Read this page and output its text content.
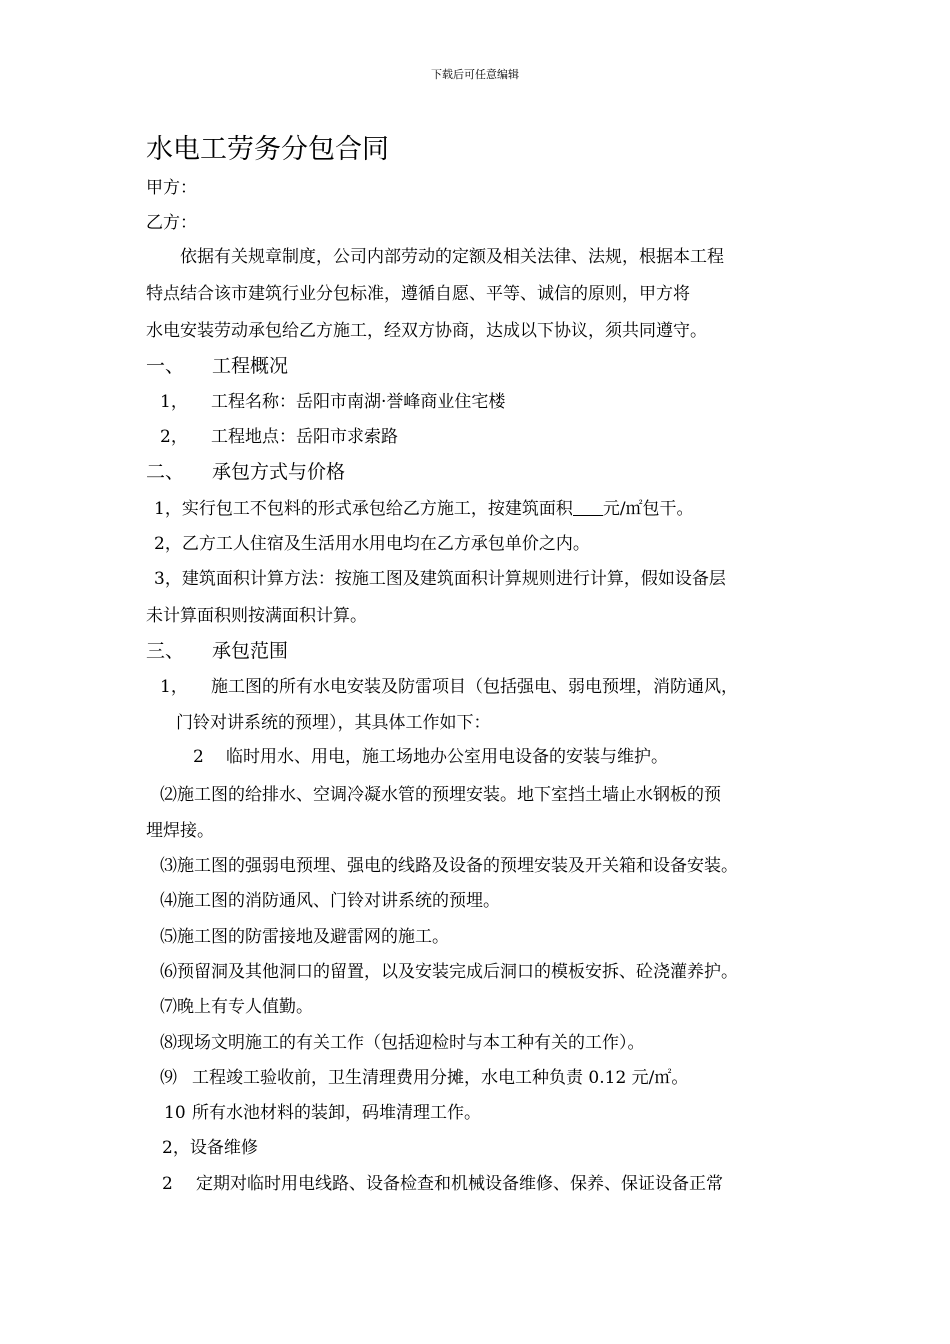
下载后可任意编辑
水电工劳务分包合同
甲方：
乙方：
依据有关规章制度，公司内部劳动的定额及相关法律、法规，根据本工程
特点结合该市建筑行业分包标准，遵循自愿、平等、诚信的原则，甲方将
水电安装劳动承包给乙方施工，经双方协商，达成以下协议，须共同遵守。
一、 工程概况
1， 工程名称：岳阳市南湖·誉峰商业住宅楼
2， 工程地点：岳阳市求索路
二、 承包方式与价格
1，实行包工不包料的形式承包给乙方施工，按建筑面积 元/㎡包干。
2，乙方工人住宿及生活用水用电均在乙方承包单价之内。
3，建筑面积计算方法：按施工图及建筑面积计算规则进行计算，假如设备层
未计算面积则按满面积计算。
三、 承包范围
1， 施工图的所有水电安装及防雷项目（包括强电、弱电预埋，消防通风，
门铃对讲系统的预埋），其具体工作如下：
2 临时用水、用电，施工场地办公室用电设备的安装与维护。
⑵施工图的给排水、空调冷凝水管的预埋安装。地下室挡土墙止水钢板的预
埋焊接。
⑶施工图的强弱电预埋、强电的线路及设备的预埋安装及开关箱和设备安装。
⑷施工图的消防通风、门铃对讲系统的预埋。
⑸施工图的防雷接地及避雷网的施工。
⑹预留洞及其他洞口的留置，以及安装完成后洞口的模板安拆、砼浇灌养护。
⑺晚上有专人值勤。
⑻现场文明施工的有关工作（包括迎检时与本工种有关的工作）。
⑼ 工程竣工验收前，卫生清理费用分摊，水电工种负责 0.12 元/㎡。
10 所有水池材料的装卸，码堆清理工作。
2，设备维修
2 定期对临时用电线路、设备检查和机械设备维修、保养、保证设备正常
